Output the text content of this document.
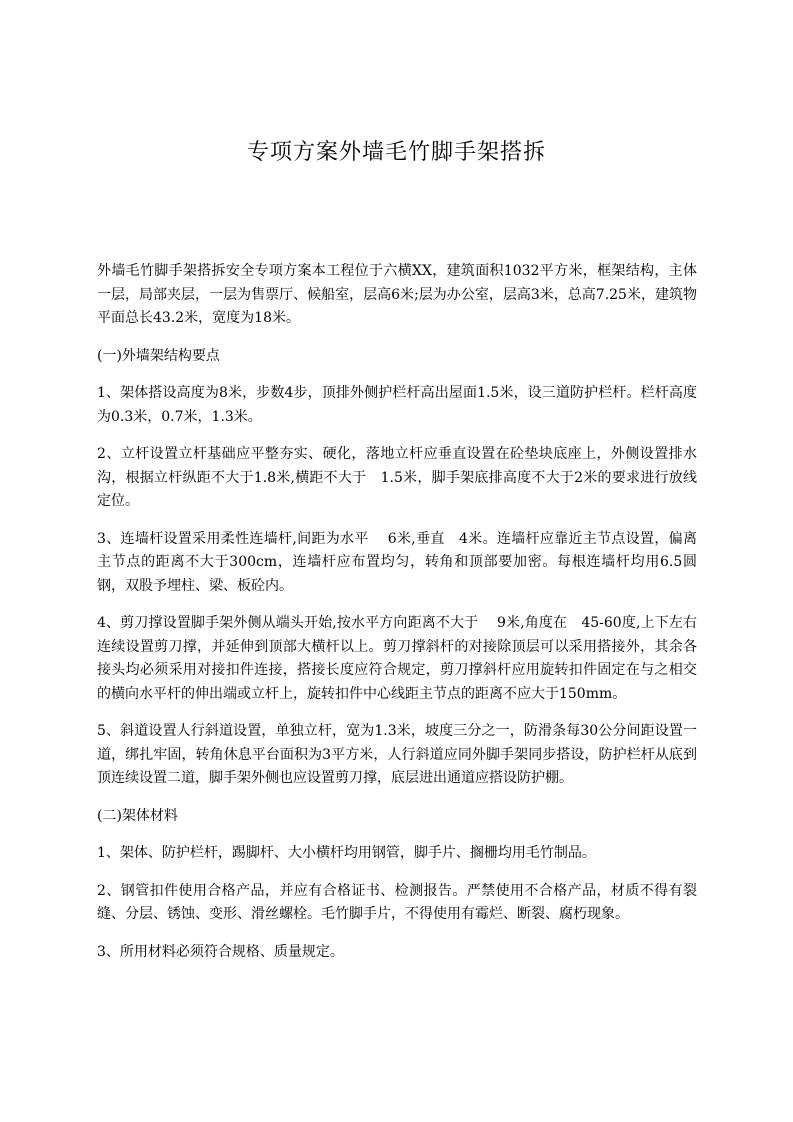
专项方案外墙毛竹脚手架搭拆

外墙毛竹脚手架搭拆安全专项方案本工程位于六横XX，建筑面积1032平方米，框架结构，主体一层，局部夹层，一层为售票厅、候船室，层高6米;层为办公室，层高3米，总高7.25米，建筑物平面总长43.2米，宽度为18米。

(一)外墙架结构要点

1、架体搭设高度为8米，步数4步，顶排外侧护栏杆高出屋面1.5米，设三道防护栏杆。栏杆高度为0.3米，0.7米，1.3米。

2、立杆设置立杆基础应平整夯实、硬化，落地立杆应垂直设置在砼垫块底座上，外侧设置排水沟，根据立杆纵距不大于1.8米,横距不大于　1.5米，脚手架底排高度不大于2米的要求进行放线定位。

3、连墙杆设置采用柔性连墙杆,间距为水平　 6米,垂直　4米。连墙杆应靠近主节点设置，偏离主节点的距离不大于300cm，连墙杆应布置均匀，转角和顶部要加密。每根连墙杆均用6.5圆钢，双股予埋柱、梁、板砼内。

4、剪刀撑设置脚手架外侧从端头开始,按水平方向距离不大于　 9米,角度在　45-60度,上下左右连续设置剪刀撑，并延伸到顶部大横杆以上。剪刀撑斜杆的对接除顶层可以采用搭接外，其余各接头均必须采用对接扣件连接，搭接长度应符合规定，剪刀撑斜杆应用旋转扣件固定在与之相交的横向水平杆的伸出端或立杆上，旋转扣件中心线距主节点的距离不应大于150mm。

5、斜道设置人行斜道设置，单独立杆，宽为1.3米，坡度三分之一，防滑条每30公分间距设置一道，绑扎牢固，转角休息平台面积为3平方米，人行斜道应同外脚手架同步搭设，防护栏杆从底到顶连续设置二道，脚手架外侧也应设置剪刀撑，底层进出通道应搭设防护棚。

(二)架体材料

1、架体、防护栏杆，踢脚杆、大小横杆均用钢管，脚手片、搁栅均用毛竹制品。

2、钢管扣件使用合格产品，并应有合格证书、检测报告。严禁使用不合格产品，材质不得有裂缝、分层、锈蚀、变形、滑丝螺栓。毛竹脚手片，不得使用有霉烂、断裂、腐朽现象。

3、所用材料必须符合规格、质量规定。
